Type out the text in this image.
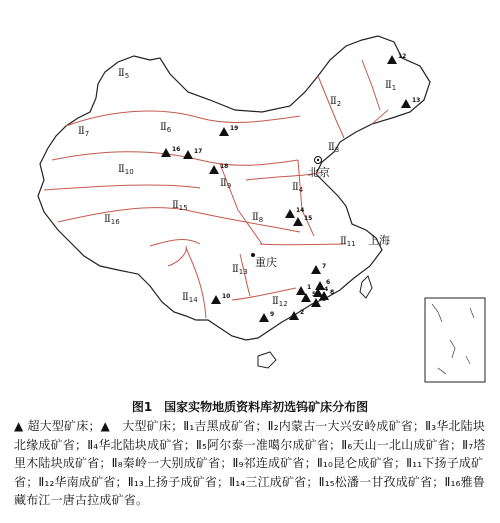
北京
上海
重庆
$Ⅱ_1$
$Ⅱ_2$
$Ⅱ_3$
$Ⅱ_4$
$Ⅱ_5$
$Ⅱ_6$
$Ⅱ_7$
$Ⅱ_8$
$Ⅱ_9$
$Ⅱ_{10}$
$Ⅱ_{11}$
$Ⅱ_{12}$
$Ⅱ_{13}$
$Ⅱ_{14}$
$Ⅱ_{15}$
$Ⅱ_{16}$
1
2
4
5
6
7
8
9
10
12
13
14
15
16 17
18
19
图1　国家实物地质资料库初选钨矿床分布图
▲ 超大型矿床；▲　大型矿床；Ⅱ₁吉黑成矿省；Ⅱ₂内蒙古一大兴安岭成矿省；Ⅱ₃华北陆块北缘成矿省；Ⅱ₄华北陆块成矿省；Ⅱ₅阿尔泰一准噶尔成矿省；Ⅱ₆天山一北山成矿省；Ⅱ₇塔里木陆块成矿省；Ⅱ₈秦岭一大别成矿省；Ⅱ₉祁连成矿省；Ⅱ₁₀昆仑成矿省；Ⅱ₁₁下扬子成矿省；Ⅱ₁₂华南成矿省；Ⅱ₁₃上扬子成矿省；Ⅱ₁₄三江成矿省；Ⅱ₁₅松潘一甘孜成矿省；Ⅱ₁₆雅鲁藏布江一唐古拉成矿省。
